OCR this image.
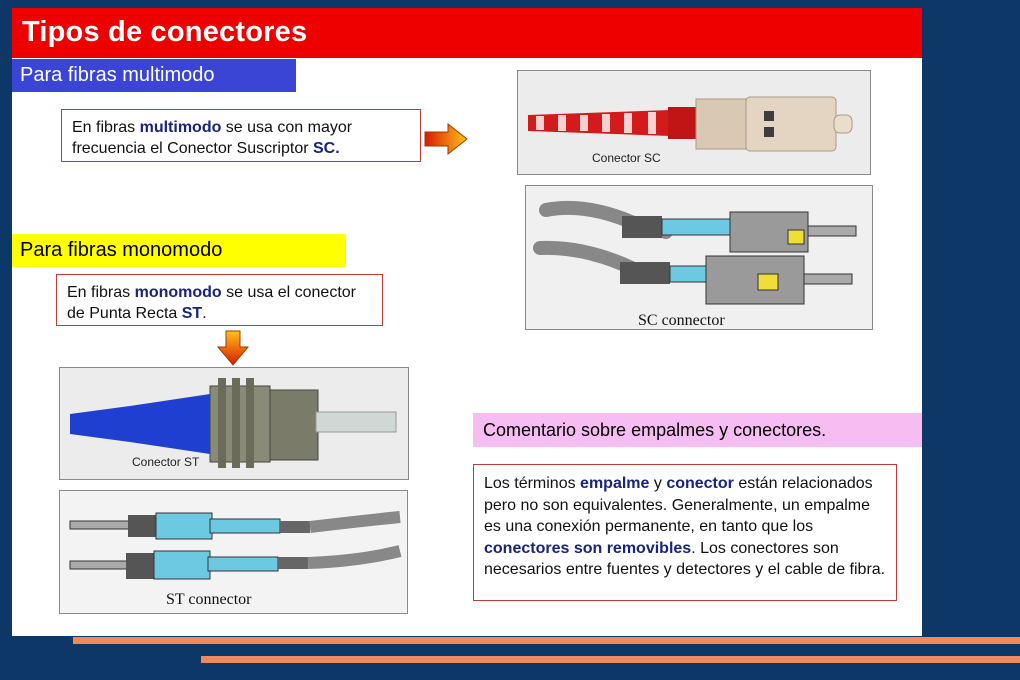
Tipos de conectores
Para fibras multimodo
En fibras multimodo se usa con mayor frecuencia el Conector Suscriptor SC.
Conector SC
SC connector
Para fibras monomodo
En fibras monomodo se usa el conector de Punta Recta ST.
Conector ST
ST connector
Comentario sobre empalmes y conectores.
Los términos empalme y conector están relacionados pero no son equivalentes. Generalmente, un empalme es una conexión permanente, en tanto que los conectores son removibles. Los conectores son necesarios entre fuentes y detectores y el cable de fibra.
